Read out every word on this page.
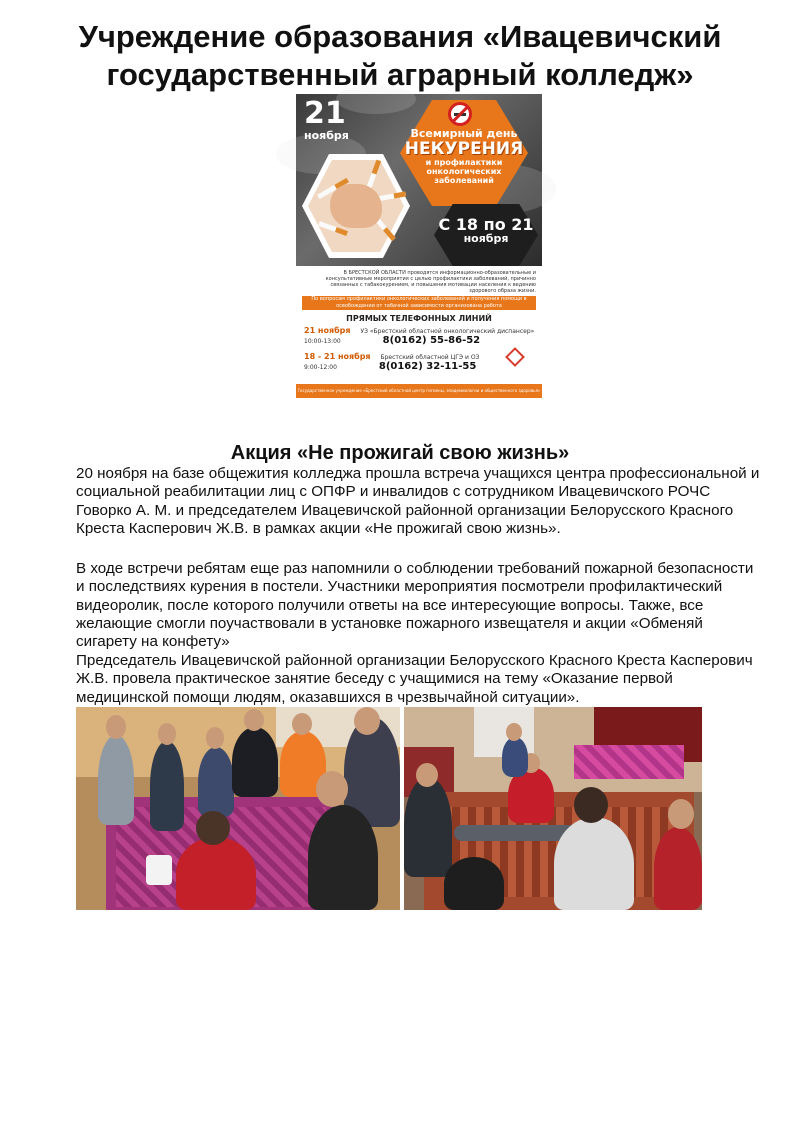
Учреждение образования «Ивацевичский
государственный аграрный колледж»
21
ноября	Всемирный день
НЕКУРЕНИЯ
и профилактики онкологических заболеваний
С 18 по 21
ноября
В БРЕСТСКОЙ ОБЛАСТИ проводятся информационно-образовательные и консультативные мероприятия с целью профилактики заболеваний, причинно связанных с табакокурением, и повышения мотивации населения к ведению здорового образа жизни.
По вопросам профилактики онкологических заболеваний и получения помощи в освобождении от табачной зависимости организована работа
ПРЯМЫХ ТЕЛЕФОННЫХ ЛИНИЙ
21 ноября УЗ «Брестский областной онкологический диспансер»
10:00-13:00	8(0162) 55-86-52
18 - 21 ноября Брестский областной ЦГЭ и ОЗ
9:00-12:00	8(0162) 32-11-55
Государственное учреждение «Брестский областной центр гигиены, эпидемиологии и общественного здоровья» Брест, 2019
Акция «Не прожигай свою жизнь»

20 ноября на базе общежития колледжа прошла встреча учащихся центра профессиональной и социальной реабилитации лиц с ОПФР и инвалидов с сотрудником Ивацевичского РОЧС Говорко А. М. и председателем Ивацевичской районной организации Белорусского Красного Креста Касперович Ж.В. в рамках акции «Не прожигай свою жизнь».

В ходе встречи ребятам еще раз напомнили о соблюдении требований пожарной безопасности и последствиях курения в постели. Участники мероприятия посмотрели профилактический видеоролик, после которого получили ответы на все интересующие вопросы. Также, все желающие смогли поучаствовали в установке пожарного извещателя и акции «Обменяй сигарету на конфету»

Председатель Ивацевичской районной организации Белорусского Красного Креста Касперович Ж.В. провела практическое занятие беседу с учащимися на тему «Оказание первой медицинской помощи людям, оказавшихся в чрезвычайной ситуации».
